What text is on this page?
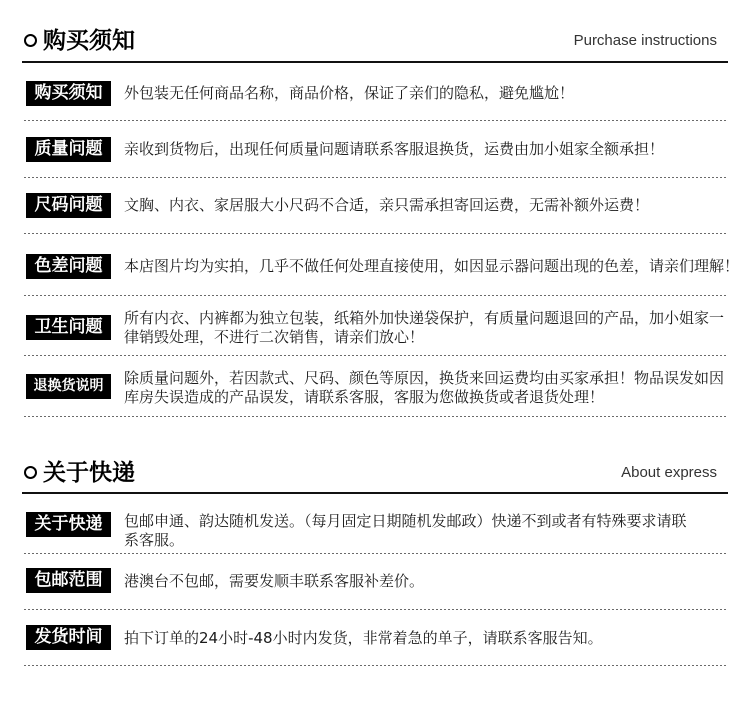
购买须知	Purchase instructions
购买须知	外包装无任何商品名称，商品价格，保证了亲们的隐私，避免尴尬！
质量问题	亲收到货物后，出现任何质量问题请联系客服退换货，运费由加小姐家全额承担！
尺码问题	文胸、内衣、家居服大小尺码不合适，亲只需承担寄回运费，无需补额外运费！
色差问题	本店图片均为实拍，几乎不做任何处理直接使用，如因显示器问题出现的色差，请亲们理解！
卫生问题	所有内衣、内裤都为独立包装，纸箱外加快递袋保护，有质量问题退回的产品，加小姐家一
律销毁处理，不进行二次销售，请亲们放心！
退换货说明	除质量问题外，若因款式、尺码、颜色等原因，换货来回运费均由买家承担！物品误发如因
库房失误造成的产品误发，请联系客服，客服为您做换货或者退货处理！
关于快递	About express
关于快递	包邮申通、韵达随机发送。（每月固定日期随机发邮政）快递不到或者有特殊要求请联
系客服。
包邮范围	港澳台不包邮，需要发顺丰联系客服补差价。
发货时间	拍下订单的24小时-48小时内发货，非常着急的单子，请联系客服告知。
